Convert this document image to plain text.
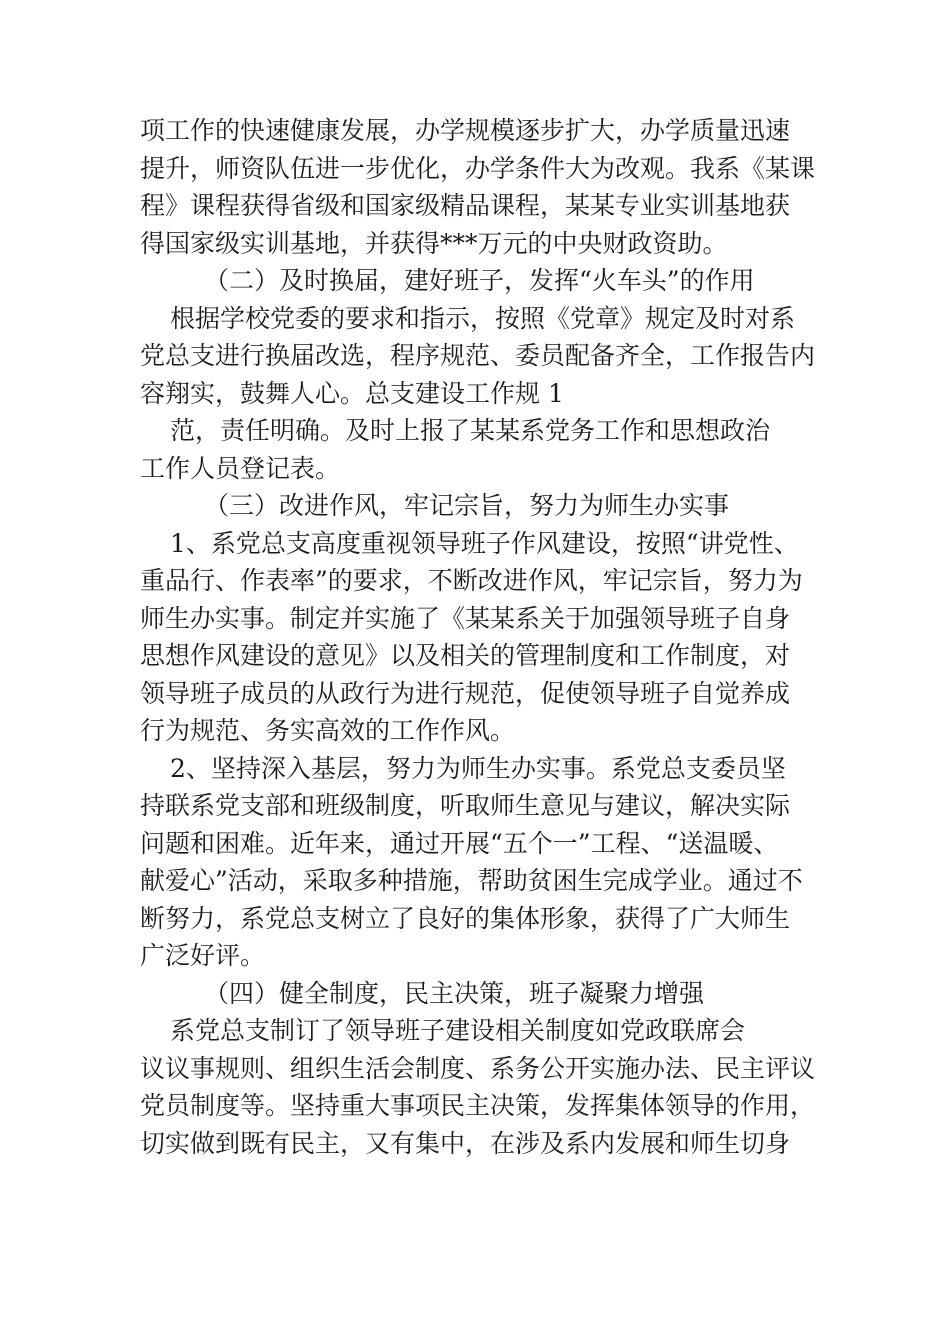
项工作的快速健康发展，办学规模逐步扩大，办学质量迅速
提升，师资队伍进一步优化，办学条件大为改观。我系《某课
程》课程获得省级和国家级精品课程，某某专业实训基地获
得国家级实训基地，并获得***万元的中央财政资助。
（二）及时换届，建好班子，发挥“火车头”的作用
根据学校党委的要求和指示，按照《党章》规定及时对系
党总支进行换届改选，程序规范、委员配备齐全，工作报告内
容翔实，鼓舞人心。总支建设工作规 1
范，责任明确。及时上报了某某系党务工作和思想政治
工作人员登记表。
（三）改进作风，牢记宗旨，努力为师生办实事
1、系党总支高度重视领导班子作风建设，按照“讲党性、
重品行、作表率”的要求，不断改进作风，牢记宗旨，努力为
师生办实事。制定并实施了《某某系关于加强领导班子自身
思想作风建设的意见》以及相关的管理制度和工作制度，对
领导班子成员的从政行为进行规范，促使领导班子自觉养成
行为规范、务实高效的工作作风。
2、坚持深入基层，努力为师生办实事。系党总支委员坚
持联系党支部和班级制度，听取师生意见与建议，解决实际
问题和困难。近年来，通过开展“五个一”工程、“送温暖、
献爱心”活动，采取多种措施，帮助贫困生完成学业。通过不
断努力，系党总支树立了良好的集体形象，获得了广大师生
广泛好评。
（四）健全制度，民主决策，班子凝聚力增强
系党总支制订了领导班子建设相关制度如党政联席会
议议事规则、组织生活会制度、系务公开实施办法、民主评议
党员制度等。坚持重大事项民主决策，发挥集体领导的作用，
切实做到既有民主，又有集中，在涉及系内发展和师生切身
